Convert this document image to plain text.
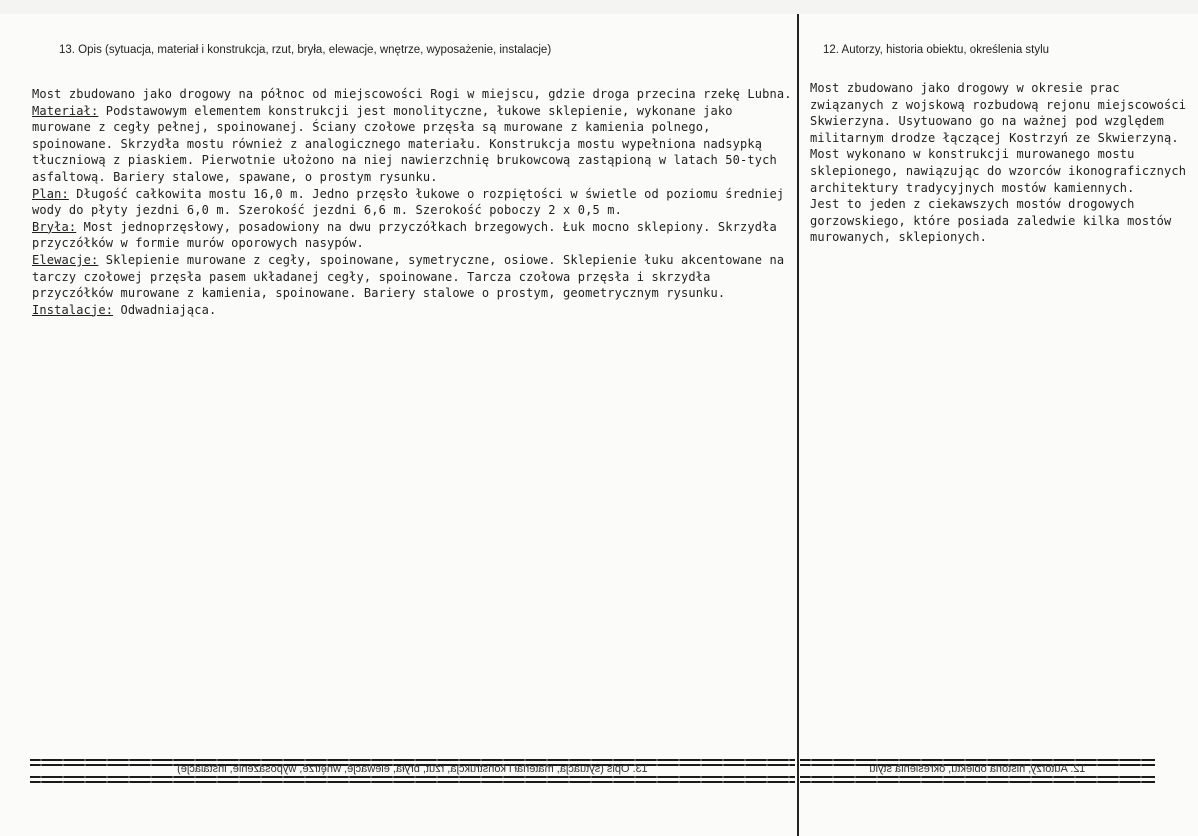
13. Opis (sytuacja, materiał i konstrukcja, rzut, bryła, elewacje, wnętrze, wyposażenie, instalacje)	12. Autorzy, historia obiektu, określenia stylu

Most zbudowano jako drogowy na północ od miejscowości Rogi w miejscu, gdzie droga przecina rzekę Lubna.

Materiał: Podstawowym elementem konstrukcji jest monolityczne, łukowe sklepienie, wykonane jako murowane z cegły pełnej, spoinowanej. Ściany czołowe przęsła są murowane z kamienia polnego, spoinowane. Skrzydła mostu również z analogicznego materiału. Konstrukcja mostu wypełniona nadsypką tłuczniową z piaskiem. Pierwotnie ułożono na niej nawierzchnię brukowcową zastąpioną w latach 50-tych asfaltową. Bariery stalowe, spawane, o prostym rysunku.

Plan: Długość całkowita mostu 16,0 m. Jedno przęsło łukowe o rozpiętości w świetle od poziomu średniej wody do płyty jezdni 6,0 m. Szerokość jezdni 6,6 m. Szerokość poboczy 2 x 0,5 m.

Bryła: Most jednoprzęsłowy, posadowiony na dwu przyczółkach brzegowych. Łuk mocno sklepiony. Skrzydła przyczółków w formie murów oporowych nasypów.

Elewacje: Sklepienie murowane z cegły, spoinowane, symetryczne, osiowe. Sklepienie łuku akcentowane na tarczy czołowej przęsła pasem układanej cegły, spoinowane. Tarcza czołowa przęsła i skrzydła przyczółków murowane z kamienia, spoinowane. Bariery stalowe o prostym, geometrycznym rysunku.

Instalacje: Odwadniająca.

Most zbudowano jako drogowy w okresie prac związanych z wojskową rozbudową rejonu miejscowości Skwierzyna. Usytuowano go na ważnej pod względem militarnym drodze łączącej Kostrzyń ze Skwierzyną. Most wykonano w konstrukcji murowanego mostu sklepionego, nawiązując do wzorców ikonograficznych architektury tradycyjnych mostów kamiennych.

Jest to jeden z ciekawszych mostów drogowych gorzowskiego, które posiada zaledwie kilka mostów murowanych, sklepionych.

13. Opis (sytuacja, materiał i konstrukcja, rzut, bryła, elewacje, wnętrze, wyposażenie, instalacje)	12. Autorzy, historia obiektu, określenia stylu
